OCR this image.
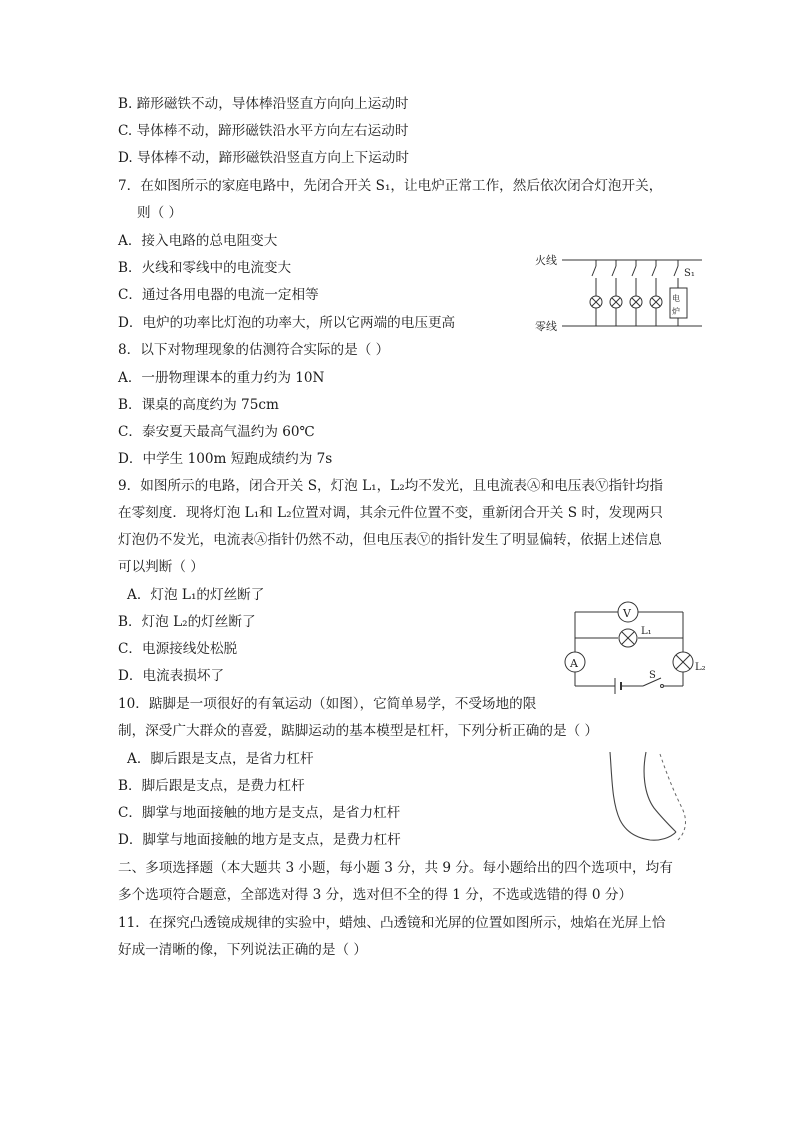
B. 蹄形磁铁不动，导体棒沿竖直方向向上运动时
C. 导体棒不动，蹄形磁铁沿水平方向左右运动时
D. 导体棒不动，蹄形磁铁沿竖直方向上下运动时
7．在如图所示的家庭电路中，先闭合开关 S₁，让电炉正常工作，然后依次闭合灯泡开关，
则（ ）
A．接入电路的总电阻变大
B．火线和零线中的电流变大
C．通过各用电器的电流一定相等
D．电炉的功率比灯泡的功率大，所以它两端的电压更高
8．以下对物理现象的估测符合实际的是（ ）
A．一册物理课本的重力约为 10N
B．课桌的高度约为 75cm
C．泰安夏天最高气温约为 60℃
D．中学生 100m 短跑成绩约为 7s
9．如图所示的电路，闭合开关 S，灯泡 L₁，L₂均不发光，且电流表Ⓐ和电压表Ⓥ指针均指
在零刻度．现将灯泡 L₁和 L₂位置对调，其余元件位置不变，重新闭合开关 S 时，发现两只
灯泡仍不发光，电流表Ⓐ指针仍然不动，但电压表Ⓥ的指针发生了明显偏转，依据上述信息
可以判断（ ）
A．灯泡 L₁的灯丝断了
B．灯泡 L₂的灯丝断了
C．电源接线处松脱
D．电流表损坏了
10．踮脚是一项很好的有氧运动（如图），它简单易学，不受场地的限
制，深受广大群众的喜爱，踮脚运动的基本模型是杠杆，下列分析正确的是（ ）
A．脚后跟是支点，是省力杠杆
B．脚后跟是支点，是费力杠杆
C．脚掌与地面接触的地方是支点，是省力杠杆
D．脚掌与地面接触的地方是支点，是费力杠杆
二、多项选择题（本大题共 3 小题，每小题 3 分，共 9 分。每小题给出的四个选项中，均有
多个选项符合题意，全部选对得 3 分，选对但不全的得 1 分，不选或选错的得 0 分）
11．在探究凸透镜成规律的实验中，蜡烛、凸透镜和光屏的位置如图所示，烛焰在光屏上恰
好成一清晰的像，下列说法正确的是（ ）
火线
零线
S₁
电
炉
V
L₁
A	L₂
S
